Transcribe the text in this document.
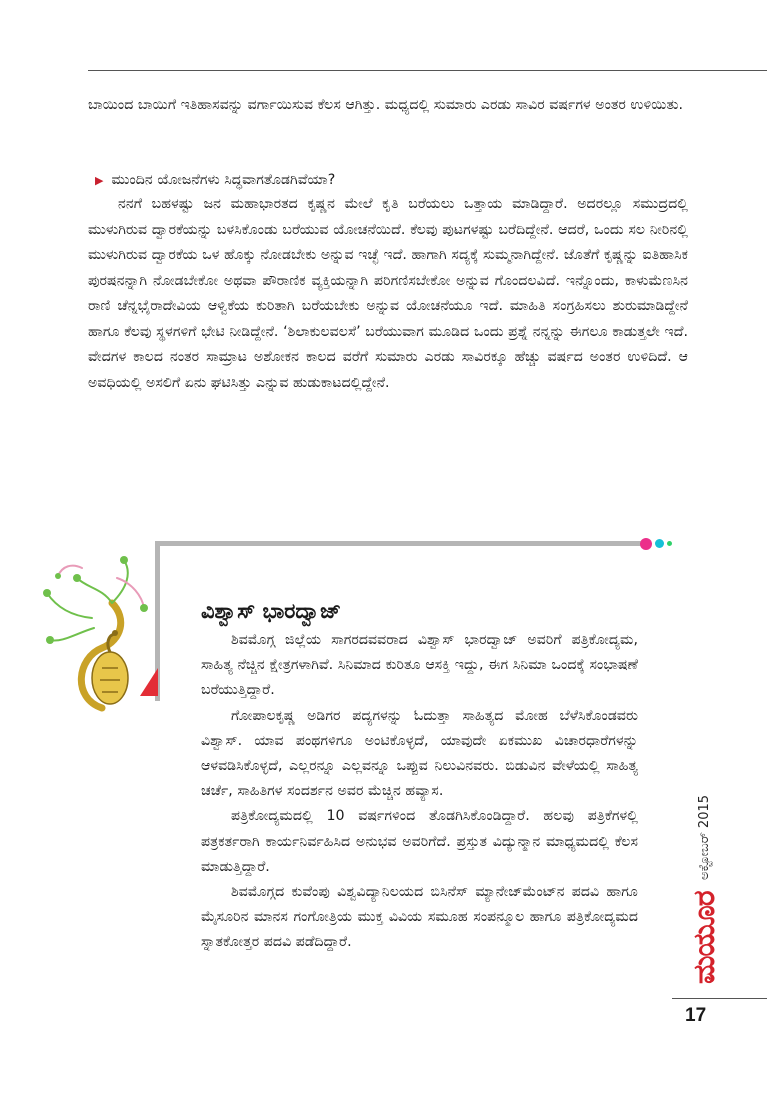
ಬಾಯಿಂದ ಬಾಯಿಗೆ ಇತಿಹಾಸವನ್ನು ವರ್ಗಾಯಿಸುವ ಕೆಲಸ ಆಗಿತ್ತು. ಮಧ್ಯದಲ್ಲಿ ಸುಮಾರು ಎರಡು ಸಾವಿರ ವರ್ಷಗಳ ಅಂತರ ಉಳಿಯಿತು.
▶ ಮುಂದಿನ ಯೋಜನೆಗಳು ಸಿದ್ಧವಾಗತೊಡಗಿವೆಯಾ?
ನನಗೆ ಬಹಳಷ್ಟು ಜನ ಮಹಾಭಾರತದ ಕೃಷ್ಣನ ಮೇಲೆ ಕೃತಿ ಬರೆಯಲು ಒತ್ತಾಯ ಮಾಡಿದ್ದಾರೆ. ಅದರಲ್ಲೂ ಸಮುದ್ರದಲ್ಲಿ ಮುಳುಗಿರುವ ದ್ವಾರಕೆಯನ್ನು ಬಳಸಿಕೊಂಡು ಬರೆಯುವ ಯೋಚನೆಯಿದೆ. ಕೆಲವು ಪುಟಗಳಷ್ಟು ಬರೆದಿದ್ದೇನೆ. ಆದರೆ, ಒಂದು ಸಲ ನೀರಿನಲ್ಲಿ ಮುಳುಗಿರುವ ದ್ವಾರಕೆಯ ಒಳ ಹೊಕ್ಕು ನೋಡಬೇಕು ಅನ್ನುವ ಇಚ್ಛೆ ಇದೆ. ಹಾಗಾಗಿ ಸದ್ಯಕ್ಕೆ ಸುಮ್ಮನಾಗಿದ್ದೇನೆ. ಜೊತೆಗೆ ಕೃಷ್ಣನ್ನು ಐತಿಹಾಸಿಕ ಪುರಷನನ್ನಾಗಿ ನೋಡಬೇಕೋ ಅಥವಾ ಪೌರಾಣಿಕ ವ್ಯಕ್ತಿಯನ್ನಾಗಿ ಪರಿಗಣಿಸಬೇಕೋ ಅನ್ನುವ ಗೊಂದಲವಿದೆ. ಇನ್ನೊಂದು, ಕಾಳುಮೆಣಸಿನ ರಾಣಿ ಚೆನ್ನಭೈರಾದೇವಿಯ ಆಳ್ವಿಕೆಯ ಕುರಿತಾಗಿ ಬರೆಯಬೇಕು ಅನ್ನುವ ಯೋಚನೆಯೂ ಇದೆ. ಮಾಹಿತಿ ಸಂಗ್ರಹಿಸಲು ಶುರುಮಾಡಿದ್ದೇನೆ ಹಾಗೂ ಕೆಲವು ಸ್ಥಳಗಳಿಗೆ ಭೇಟಿ ನೀಡಿದ್ದೇನೆ. ‘ಶಿಲಾಕುಲವಲಸೆ’ ಬರೆಯುವಾಗ ಮೂಡಿದ ಒಂದು ಪ್ರಶ್ನೆ ನನ್ನನ್ನು ಈಗಲೂ ಕಾಡುತ್ತಲೇ ಇದೆ. ವೇದಗಳ ಕಾಲದ ನಂತರ ಸಾಮ್ರಾಟ ಅಶೋಕನ ಕಾಲದ ವರೆಗೆ ಸುಮಾರು ಎರಡು ಸಾವಿರಕ್ಕೂ ಹೆಚ್ಚು ವರ್ಷದ ಅಂತರ ಉಳಿದಿದೆ. ಆ ಅವಧಿಯಲ್ಲಿ ಅಸಲಿಗೆ ಏನು ಘಟಿಸಿತ್ತು ಎನ್ನುವ ಹುಡುಕಾಟದಲ್ಲಿದ್ದೇನೆ.
ವಿಶ್ವಾಸ್ ಭಾರದ್ವಾಜ್

ಶಿವಮೊಗ್ಗ ಜಿಲ್ಲೆಯ ಸಾಗರದವವರಾದ ವಿಶ್ವಾಸ್ ಭಾರದ್ವಾಜ್ ಅವರಿಗೆ ಪತ್ರಿಕೋದ್ಯಮ, ಸಾಹಿತ್ಯ ನೆಚ್ಚಿನ ಕ್ಷೇತ್ರಗಳಾಗಿವೆ. ಸಿನಿಮಾದ ಕುರಿತೂ ಆಸಕ್ತಿ ಇದ್ದು, ಈಗ ಸಿನಿಮಾ ಒಂದಕ್ಕೆ ಸಂಭಾಷಣೆ ಬರೆಯುತ್ತಿದ್ದಾರೆ.

ಗೋಪಾಲಕೃಷ್ಣ ಅಡಿಗರ ಪದ್ಯಗಳನ್ನು ಓದುತ್ತಾ ಸಾಹಿತ್ಯದ ಮೋಹ ಬೆಳೆಸಿಕೊಂಡವರು ವಿಶ್ವಾಸ್. ಯಾವ ಪಂಥಗಳಿಗೂ ಅಂಟಿಕೊಳ್ಳದೆ, ಯಾವುದೇ ಏಕಮುಖ ವಿಚಾರಧಾರೆಗಳನ್ನು ಆಳವಡಿಸಿಕೊಳ್ಳದೆ, ಎಲ್ಲರನ್ನೂ ಎಲ್ಲವನ್ನೂ ಒಪ್ಪುವ ನಿಲುವಿನವರು. ಬಿಡುವಿನ ವೇಳೆಯಲ್ಲಿ ಸಾಹಿತ್ಯ ಚರ್ಚೆ, ಸಾಹಿತಿಗಳ ಸಂದರ್ಶನ ಅವರ ಮೆಚ್ಚಿನ ಹವ್ಯಾಸ.

ಪತ್ರಿಕೋದ್ಯಮದಲ್ಲಿ 10 ವರ್ಷಗಳಿಂದ ತೊಡಗಿಸಿಕೊಂಡಿದ್ದಾರೆ. ಹಲವು ಪತ್ರಿಕೆಗಳಲ್ಲಿ ಪತ್ರಕರ್ತರಾಗಿ ಕಾರ್ಯನಿರ್ವಹಿಸಿದ ಅನುಭವ ಅವರಿಗೆದೆ. ಪ್ರಸ್ತುತ ವಿದ್ಯುನ್ಮಾನ ಮಾಧ್ಯಮದಲ್ಲಿ ಕೆಲಸ ಮಾಡುತ್ತಿದ್ದಾರೆ.

ಶಿವಮೊಗ್ಗದ ಕುವೆಂಪು ವಿಶ್ವವಿದ್ಯಾನಿಲಯದ ಬಿಸಿನೆಸ್ ಮ್ಯಾನೇಜ್‌ಮೆಂಟ್‌ನ ಪದವಿ ಹಾಗೂ ಮೈಸೂರಿನ ಮಾನಸ ಗಂಗೋತ್ರಿಯ ಮುಕ್ತ ವಿವಿಯ ಸಮೂಹ ಸಂಪನ್ಮೂಲ ಹಾಗೂ ಪತ್ರಿಕೋದ್ಯಮದ ಸ್ನಾತಕೋತ್ತರ ಪದವಿ ಪಡೆದಿದ್ದಾರೆ.

ಅಕ್ಟೋಬರ್ 2015
ಮಯೂರ
17
